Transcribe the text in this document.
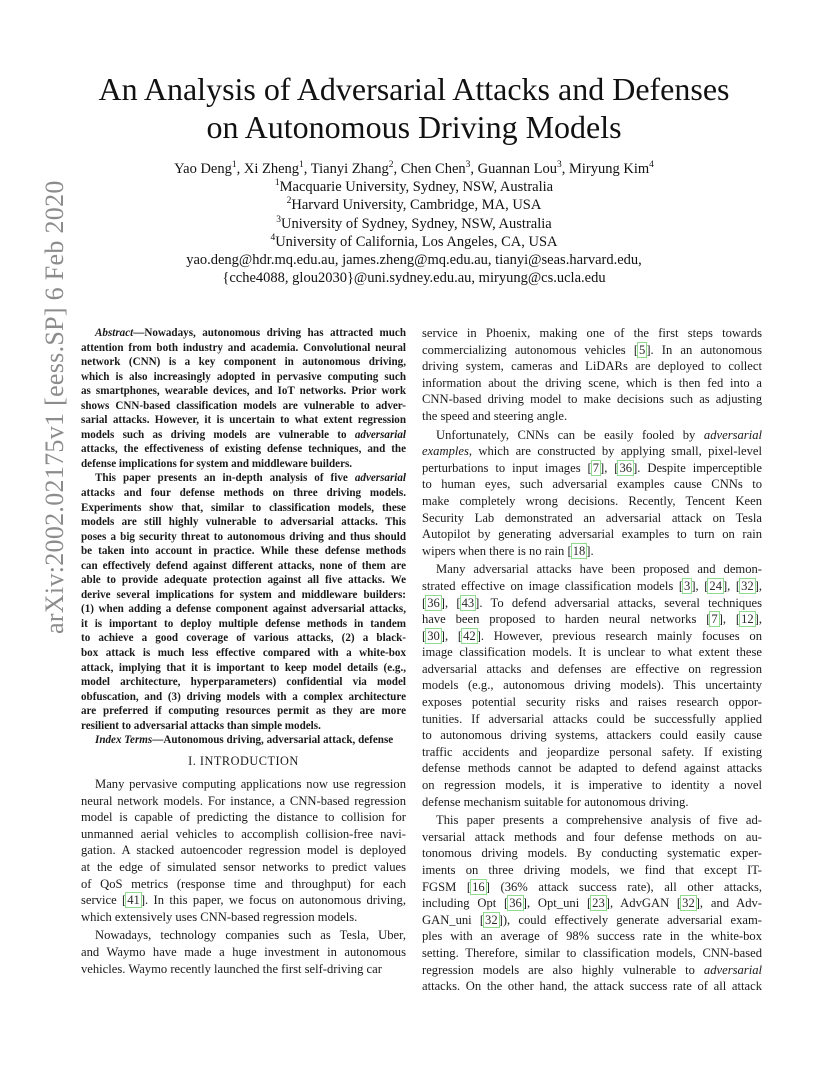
arXiv:2002.02175v1 [eess.SP] 6 Feb 2020
An Analysis of Adversarial Attacks and Defenses
on Autonomous Driving Models
Yao Deng$^1$, Xi Zheng$^1$, Tianyi Zhang$^2$, Chen Chen$^3$, Guannan Lou$^3$, Miryung Kim$^4$
$^1$Macquarie University, Sydney, NSW, Australia
$^2$Harvard University, Cambridge, MA, USA
$^3$University of Sydney, Sydney, NSW, Australia
$^4$University of California, Los Angeles, CA, USA
yao.deng@hdr.mq.edu.au, james.zheng@mq.edu.au, tianyi@seas.harvard.edu,
{cche4088, glou2030}@uni.sydney.edu.au, miryung@cs.ucla.edu
Abstract—Nowadays, autonomous driving has attracted much
attention from both industry and academia. Convolutional neural
network (CNN) is a key component in autonomous driving,
which is also increasingly adopted in pervasive computing such
as smartphones, wearable devices, and IoT networks. Prior work
shows CNN-based classification models are vulnerable to adver-
sarial attacks. However, it is uncertain to what extent regression
models such as driving models are vulnerable to adversarial
attacks, the effectiveness of existing defense techniques, and the
defense implications for system and middleware builders.
This paper presents an in-depth analysis of five adversarial
attacks and four defense methods on three driving models.
Experiments show that, similar to classification models, these
models are still highly vulnerable to adversarial attacks. This
poses a big security threat to autonomous driving and thus should
be taken into account in practice. While these defense methods
can effectively defend against different attacks, none of them are
able to provide adequate protection against all five attacks. We
derive several implications for system and middleware builders:
(1) when adding a defense component against adversarial attacks,
it is important to deploy multiple defense methods in tandem
to achieve a good coverage of various attacks, (2) a black-
box attack is much less effective compared with a white-box
attack, implying that it is important to keep model details (e.g.,
model architecture, hyperparameters) confidential via model
obfuscation, and (3) driving models with a complex architecture
are preferred if computing resources permit as they are more
resilient to adversarial attacks than simple models.
Index Terms—Autonomous driving, adversarial attack, defense
I. INTRODUCTION
Many pervasive computing applications now use regression
neural network models. For instance, a CNN-based regression
model is capable of predicting the distance to collision for
unmanned aerial vehicles to accomplish collision-free navi-
gation. A stacked autoencoder regression model is deployed
at the edge of simulated sensor networks to predict values
of QoS metrics (response time and throughput) for each
service [41]. In this paper, we focus on autonomous driving,
which extensively uses CNN-based regression models.
Nowadays, technology companies such as Tesla, Uber,
and Waymo have made a huge investment in autonomous
vehicles. Waymo recently launched the first self-driving car
service in Phoenix, making one of the first steps towards
commercializing autonomous vehicles [5]. In an autonomous
driving system, cameras and LiDARs are deployed to collect
information about the driving scene, which is then fed into a
CNN-based driving model to make decisions such as adjusting
the speed and steering angle.
Unfortunately, CNNs can be easily fooled by adversarial
examples, which are constructed by applying small, pixel-level
perturbations to input images [7], [36]. Despite imperceptible
to human eyes, such adversarial examples cause CNNs to
make completely wrong decisions. Recently, Tencent Keen
Security Lab demonstrated an adversarial attack on Tesla
Autopilot by generating adversarial examples to turn on rain
wipers when there is no rain [18].
Many adversarial attacks have been proposed and demon-
strated effective on image classification models [3], [24], [32],
[36], [43]. To defend adversarial attacks, several techniques
have been proposed to harden neural networks [7], [12],
[30], [42]. However, previous research mainly focuses on
image classification models. It is unclear to what extent these
adversarial attacks and defenses are effective on regression
models (e.g., autonomous driving models). This uncertainty
exposes potential security risks and raises research oppor-
tunities. If adversarial attacks could be successfully applied
to autonomous driving systems, attackers could easily cause
traffic accidents and jeopardize personal safety. If existing
defense methods cannot be adapted to defend against attacks
on regression models, it is imperative to identity a novel
defense mechanism suitable for autonomous driving.
This paper presents a comprehensive analysis of five ad-
versarial attack methods and four defense methods on au-
tonomous driving models. By conducting systematic exper-
iments on three driving models, we find that except IT-
FGSM [16] (36% attack success rate), all other attacks,
including Opt [36], Opt_uni [23], AdvGAN [32], and Adv-
GAN_uni [32]), could effectively generate adversarial exam-
ples with an average of 98% success rate in the white-box
setting. Therefore, similar to classification models, CNN-based
regression models are also highly vulnerable to adversarial
attacks. On the other hand, the attack success rate of all attack
